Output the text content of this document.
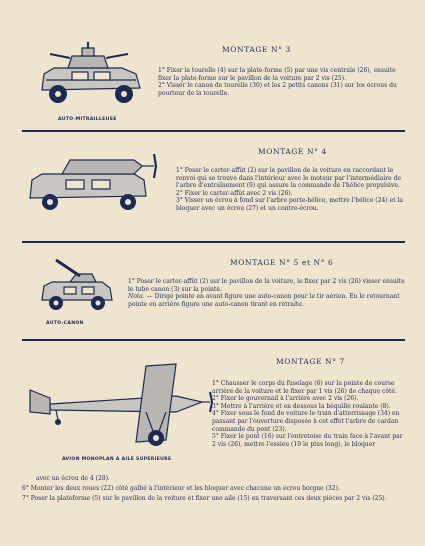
MONTAGE N° 3
AUTO-MITRAILLEUSE

1° Fixer la tourelle (4) sur la plate-forme (5) par une vis centrale (26), ensuite fixer la plate-forme sur le pavillon de la voiture par 2 vis (25).

2° Visser le canon de tourelle (30) et les 2 petits canons (31) sur les écrous du pourtour de la tourelle.

MONTAGE N° 4

1° Poser le carter-affût (2) sur le pavillon de la voiture en raccordant le renvoi qui se trouve dans l'intérieur avec le moteur par l'intermédiaire de l'arbre d'entraînement (9) qui assure la commande de l'hélice propulsive.

2° Fixer le carter-affût avec 2 vis (26).

3° Visser un écrou à fond sur l'arbre porte-hélice, mettre l'hélice (24) et la bloquer avec un écrou (27) et un contre-écrou.

MONTAGE N° 5 et N° 6
AUTO-CANON

1° Poser le carter-affût (2) sur le pavillon de la voiture, le fixer par 2 vis (26) visser ensuite le tube canon (3) sur la pointe.

Nota. — Dirigé pointe en avant figure une auto-canon pour le tir aérien. En le retournant pointe en arrière figure une auto-canon tirant en retraite.

MONTAGE N° 7
AVION MONOPLAN A AILE SUPÉRIEURE

1° Chausser le corps du fuselage (6) sur la pointe de course arrière de la voiture et le fixer par 1 vis (26) de chaque côté.

2° Fixer le gouvernail à l'arrière avec 2 vis (26).

3° Mettre à l'arrière et en dessous la béquille roulante (8).

4° Fixer sous le fond de voiture le train d'atterrissage (34) en passant par l'ouverture disposée à cet effet l'arbre de cardan commande du pont (23).

5° Fixer le pont (16) sur l'entretoise du train face à l'avant par 2 vis (26), mettre l'essieu (19 le plus long), le bloquer

avec un écrou de 4 (28).
6° Monter les deux roues (22) côté galbé à l'intérieur et les bloquer avec chacune un écrou borgne (32).
7° Poser la plateforme (5) sur le pavillon de la voiture et fixer une aile (15) en traversant ces deux pièces par 2 vis (25).
